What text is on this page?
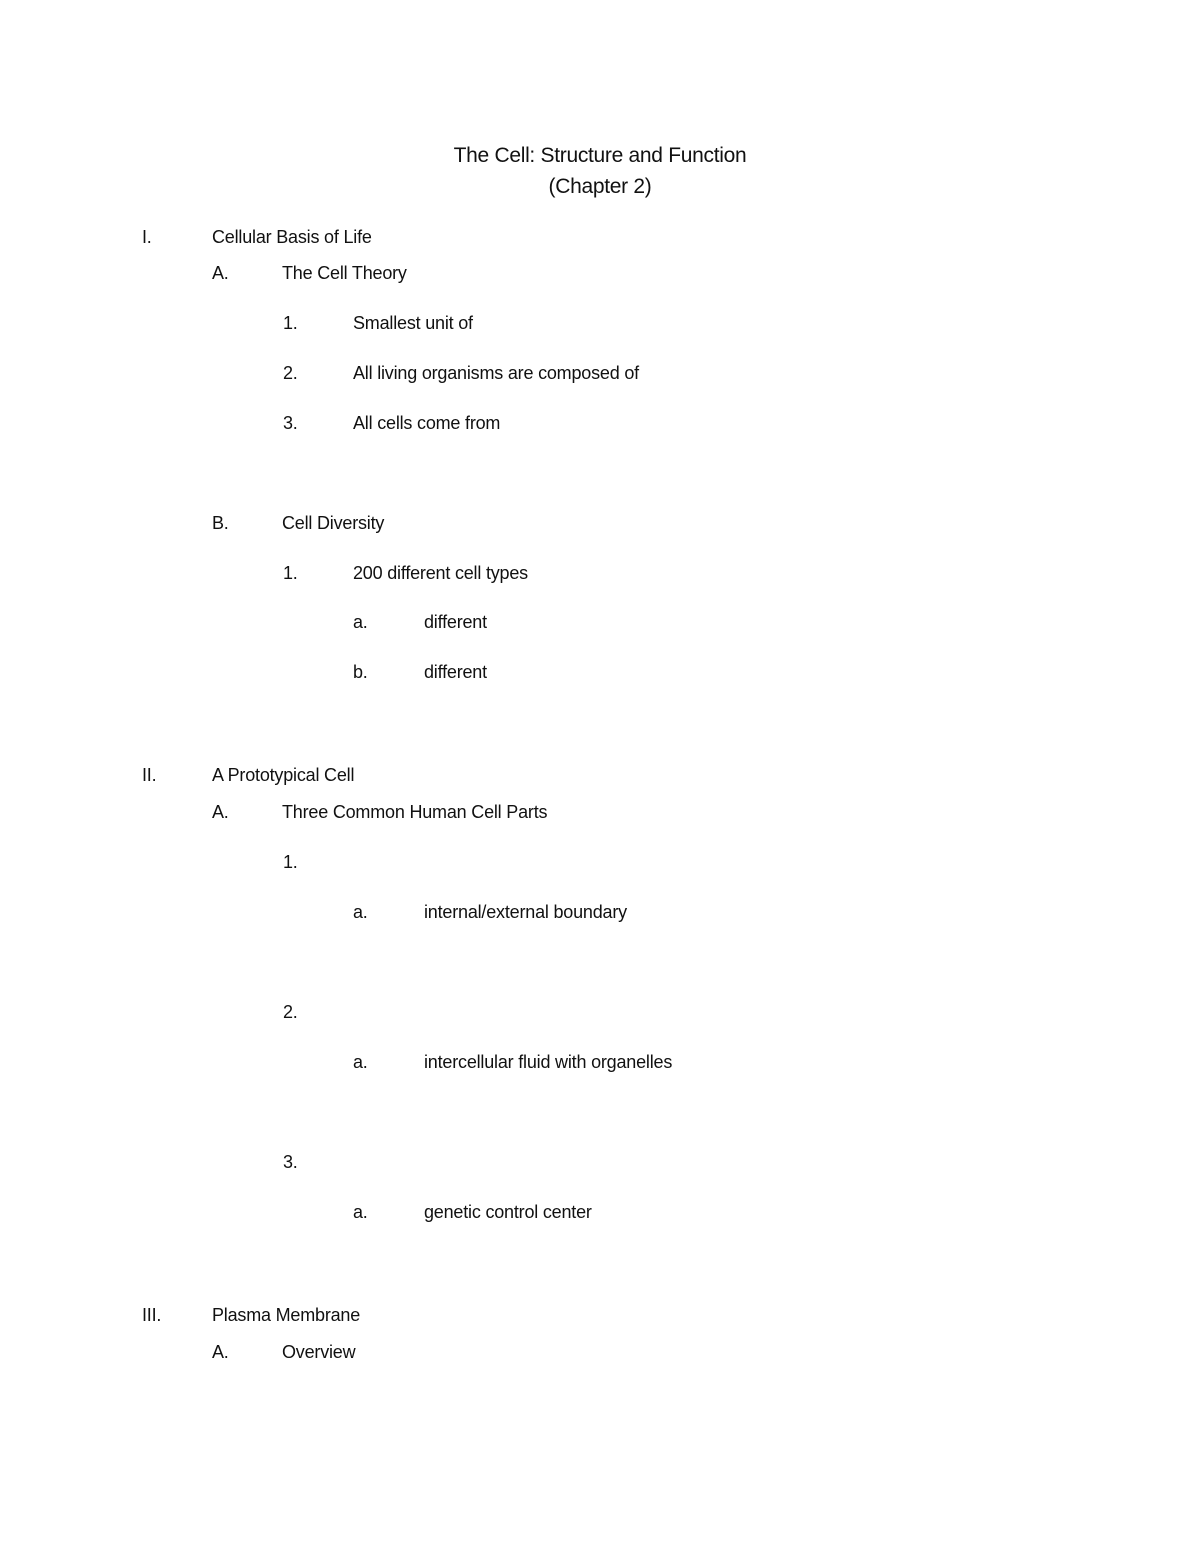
The Cell: Structure and Function
(Chapter 2)
I.	Cellular Basis of Life
A.	The Cell Theory
1.	Smallest unit of
2.	All living organisms are composed of
3.	All cells come from
B.	Cell Diversity
1.	200 different cell types
a.	different
b.	different
II.	A Prototypical Cell
A.	Three Common Human Cell Parts
1.
a.	internal/external boundary
2.
a.	intercellular fluid with organelles
3.
a.	genetic control center
III.	Plasma Membrane
A.	Overview
